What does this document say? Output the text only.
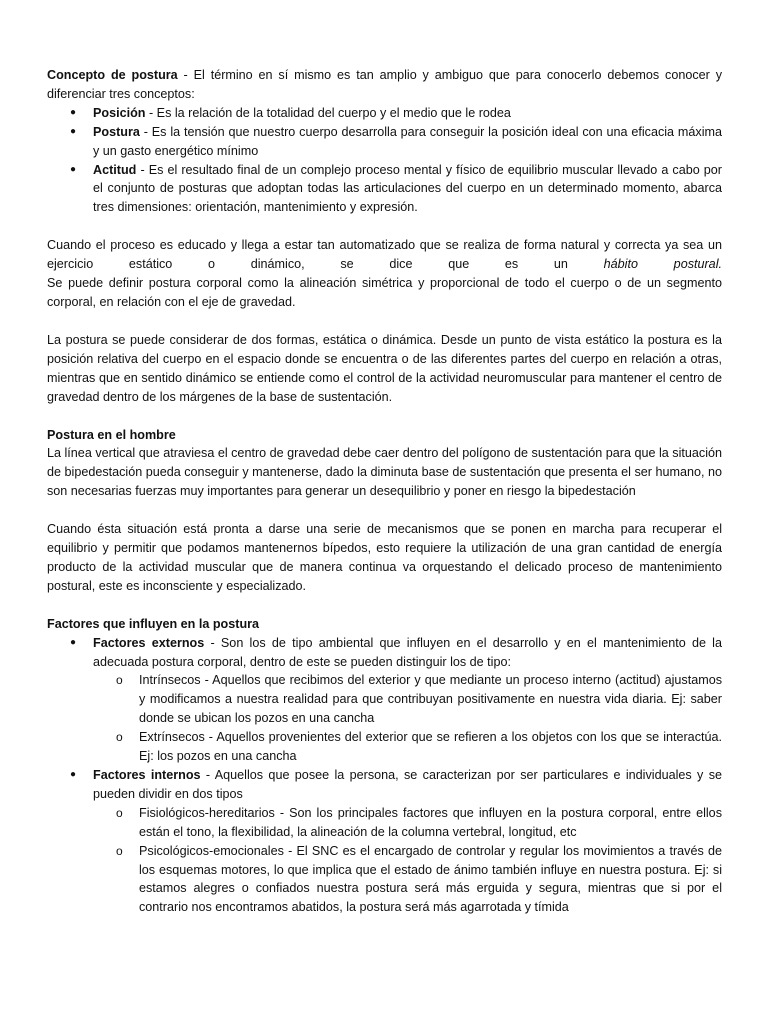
Concepto de postura - El término en sí mismo es tan amplio y ambiguo que para conocerlo debemos conocer y diferenciar tres conceptos:

● Posición - Es la relación de la totalidad del cuerpo y el medio que le rodea
● Postura - Es la tensión que nuestro cuerpo desarrolla para conseguir la posición ideal con una eficacia máxima y un gasto energético mínimo
● Actitud - Es el resultado final de un complejo proceso mental y físico de equilibrio muscular llevado a cabo por el conjunto de posturas que adoptan todas las articulaciones del cuerpo en un determinado momento, abarca tres dimensiones: orientación, mantenimiento y expresión.

Cuando el proceso es educado y llega a estar tan automatizado que se realiza de forma natural y correcta ya sea un
ejercicio estático o dinámico, se dice que es un hábito postural.
Se puede definir postura corporal como la alineación simétrica y proporcional de todo el cuerpo o de un segmento corporal, en relación con el eje de gravedad.

La postura se puede considerar de dos formas, estática o dinámica. Desde un punto de vista estático la postura es la posición relativa del cuerpo en el espacio donde se encuentra o de las diferentes partes del cuerpo en relación a otras, mientras que en sentido dinámico se entiende como el control de la actividad neuromuscular para mantener el centro de gravedad dentro de los márgenes de la base de sustentación.

Postura en el hombre

La línea vertical que atraviesa el centro de gravedad debe caer dentro del polígono de sustentación para que la situación de bipedestación pueda conseguir y mantenerse, dado la diminuta base de sustentación que presenta el ser humano, no son necesarias fuerzas muy importantes para generar un desequilibrio y poner en riesgo la bipedestación

Cuando ésta situación está pronta a darse una serie de mecanismos que se ponen en marcha para recuperar el equilibrio y permitir que podamos mantenernos bípedos, esto requiere la utilización de una gran cantidad de energía producto de la actividad muscular que de manera continua va orquestando el delicado proceso de mantenimiento postural, este es inconsciente y especializado.

Factores que influyen en la postura

● Factores externos - Son los de tipo ambiental que influyen en el desarrollo y en el mantenimiento de la adecuada postura corporal, dentro de este se pueden distinguir los de tipo:
o Intrínsecos - Aquellos que recibimos del exterior y que mediante un proceso interno (actitud) ajustamos y modificamos a nuestra realidad para que contribuyan positivamente en nuestra vida diaria. Ej: saber donde se ubican los pozos en una cancha
o Extrínsecos - Aquellos provenientes del exterior que se refieren a los objetos con los que se interactúa. Ej: los pozos en una cancha
● Factores internos - Aquellos que posee la persona, se caracterizan por ser particulares e individuales y se pueden dividir en dos tipos
o Fisiológicos-hereditarios - Son los principales factores que influyen en la postura corporal, entre ellos están el tono, la flexibilidad, la alineación de la columna vertebral, longitud, etc
o Psicológicos-emocionales - El SNC es el encargado de controlar y regular los movimientos a través de los esquemas motores, lo que implica que el estado de ánimo también influye en nuestra postura. Ej: si estamos alegres o confiados nuestra postura será más erguida y segura, mientras que si por el contrario nos encontramos abatidos, la postura será más agarrotada y tímida
